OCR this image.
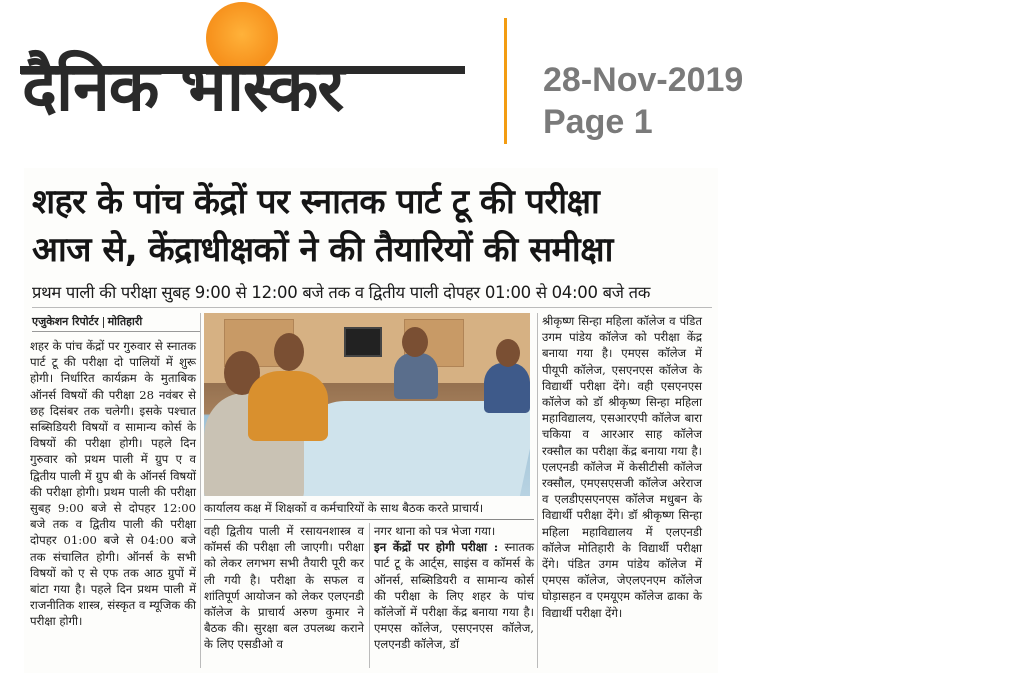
दैनिक भास्कर	28-Nov-2019
Page 1
शहर के पांच केंद्रों पर स्नातक पार्ट टू की परीक्षा
आज से, केंद्राधीक्षकों ने की तैयारियों की समीक्षा
प्रथम पाली की परीक्षा सुबह 9:00 से 12:00 बजे तक व द्वितीय पाली दोपहर 01:00 से 04:00 बजे तक
एजुकेशन रिपोर्टर मोतिहारी
शहर के पांच केंद्रों पर गुरुवार से स्नातक पार्ट टू की परीक्षा दो पालियों में शुरू होगी। निर्धारित कार्यक्रम के मुताबिक ऑनर्स विषयों की परीक्षा 28 नवंबर से छह दिसंबर तक चलेगी। इसके पश्चात सब्सिडियरी विषयों व सामान्य कोर्स के विषयों की परीक्षा होगी। पहले दिन गुरुवार को प्रथम पाली में ग्रुप ए व द्वितीय पाली में ग्रुप बी के ऑनर्स विषयों की परीक्षा होगी। प्रथम पाली की परीक्षा सुबह 9:00 बजे से दोपहर 12:00 बजे तक व द्वितीय पाली की परीक्षा दोपहर 01:00 बजे से 04:00 बजे तक संचालित होगी। ऑनर्स के सभी विषयों को ए से एफ तक आठ ग्रुपों में बांटा गया है। पहले दिन प्रथम पाली में राजनीतिक शास्त्र, संस्कृत व म्यूजिक की परीक्षा होगी।
कार्यालय कक्ष में शिक्षकों व कर्मचारियों के साथ बैठक करते प्राचार्य।
वही द्वितीय पाली में रसायनशास्त्र व कॉमर्स की परीक्षा ली जाएगी। परीक्षा को लेकर लगभग सभी तैयारी पूरी कर ली गयी है। परीक्षा के सफल व शांतिपूर्ण आयोजन को लेकर एलएनडी कॉलेज के प्राचार्य अरुण कुमार ने बैठक की। सुरक्षा बल उपलब्ध कराने के लिए एसडीओ व
नगर थाना को पत्र भेजा गया।
इन केंद्रों पर होगी परीक्षा : स्नातक पार्ट टू के आर्ट्स, साइंस व कॉमर्स के ऑनर्स, सब्सिडियरी व सामान्य कोर्स की परीक्षा के लिए शहर के पांच कॉलेजों में परीक्षा केंद्र बनाया गया है। एमएस कॉलेज, एसएनएस कॉलेज, एलएनडी कॉलेज, डॉ
श्रीकृष्ण सिन्हा महिला कॉलेज व पंडित उगम पांडेय कॉलेज को परीक्षा केंद्र बनाया गया है। एमएस कॉलेज में पीयूपी कॉलेज, एसएनएस कॉलेज के विद्यार्थी परीक्षा देंगे। वही एसएनएस कॉलेज को डॉ श्रीकृष्ण सिन्हा महिला महाविद्यालय, एसआरएपी कॉलेज बारा चकिया व आरआर साह कॉलेज रक्सौल का परीक्षा केंद्र बनाया गया है। एलएनडी कॉलेज में केसीटीसी कॉलेज रक्सौल, एमएसएसजी कॉलेज अरेराज व एलडीएसएनएस कॉलेज मधुबन के विद्यार्थी परीक्षा देंगे। डॉ श्रीकृष्ण सिन्हा महिला महाविद्यालय में एलएनडी कॉलेज मोतिहारी के विद्यार्थी परीक्षा देंगे। पंडित उगम पांडेय कॉलेज में एमएस कॉलेज, जेएलएनएम कॉलेज घोड़ासहन व एमयूएम कॉलेज ढाका के विद्यार्थी परीक्षा देंगे।
